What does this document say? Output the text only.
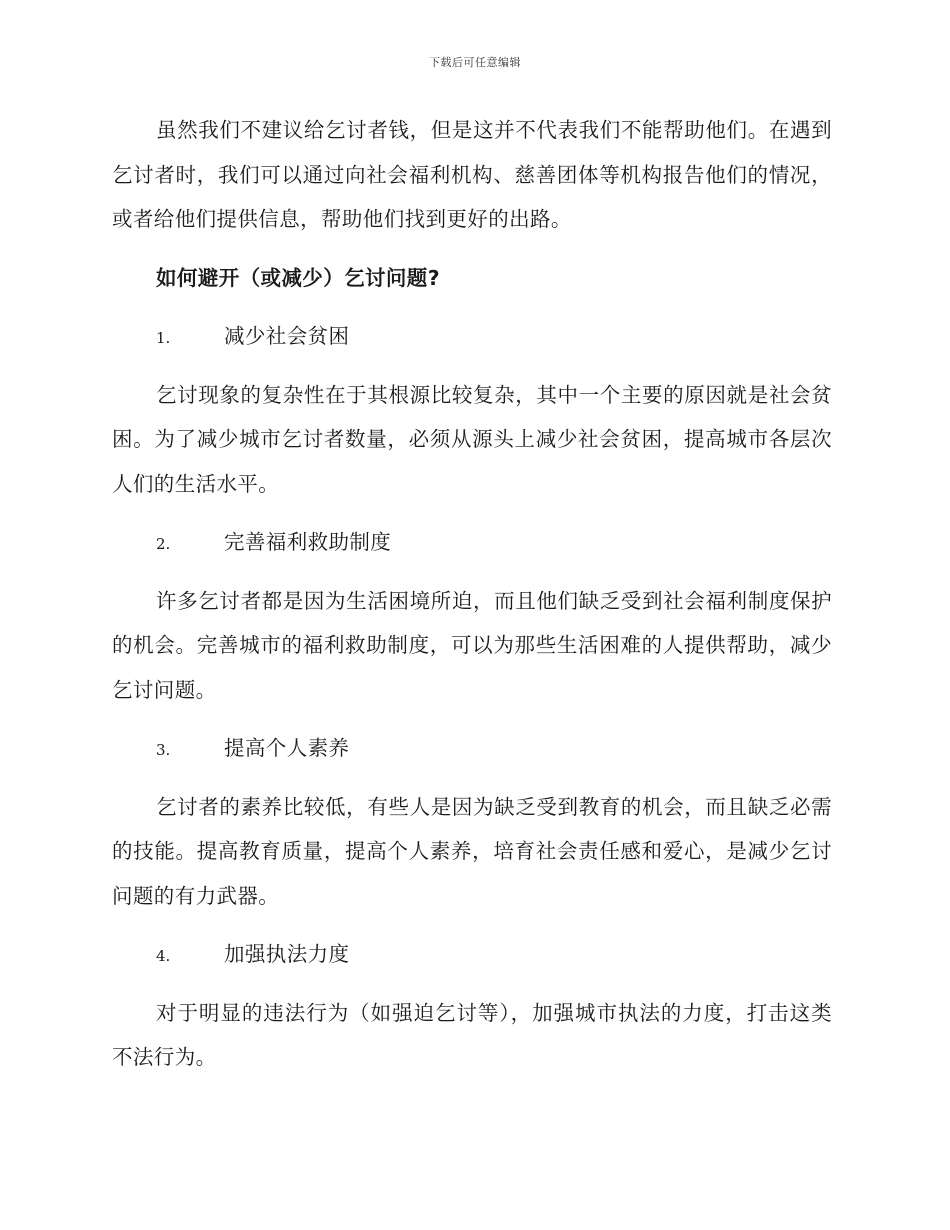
下载后可任意编辑

虽然我们不建议给乞讨者钱，但是这并不代表我们不能帮助他们。在遇到乞讨者时，我们可以通过向社会福利机构、慈善团体等机构报告他们的情况，或者给他们提供信息，帮助他们找到更好的出路。

如何避开（或减少）乞讨问题?

1.	减少社会贫困

乞讨现象的复杂性在于其根源比较复杂，其中一个主要的原因就是社会贫困。为了减少城市乞讨者数量，必须从源头上减少社会贫困，提高城市各层次人们的生活水平。

2.	完善福利救助制度

许多乞讨者都是因为生活困境所迫，而且他们缺乏受到社会福利制度保护的机会。完善城市的福利救助制度，可以为那些生活困难的人提供帮助，减少乞讨问题。

3.	提高个人素养

乞讨者的素养比较低，有些人是因为缺乏受到教育的机会，而且缺乏必需的技能。提高教育质量，提高个人素养，培育社会责任感和爱心，是减少乞讨问题的有力武器。

4.	加强执法力度

对于明显的违法行为（如强迫乞讨等），加强城市执法的力度，打击这类不法行为。
